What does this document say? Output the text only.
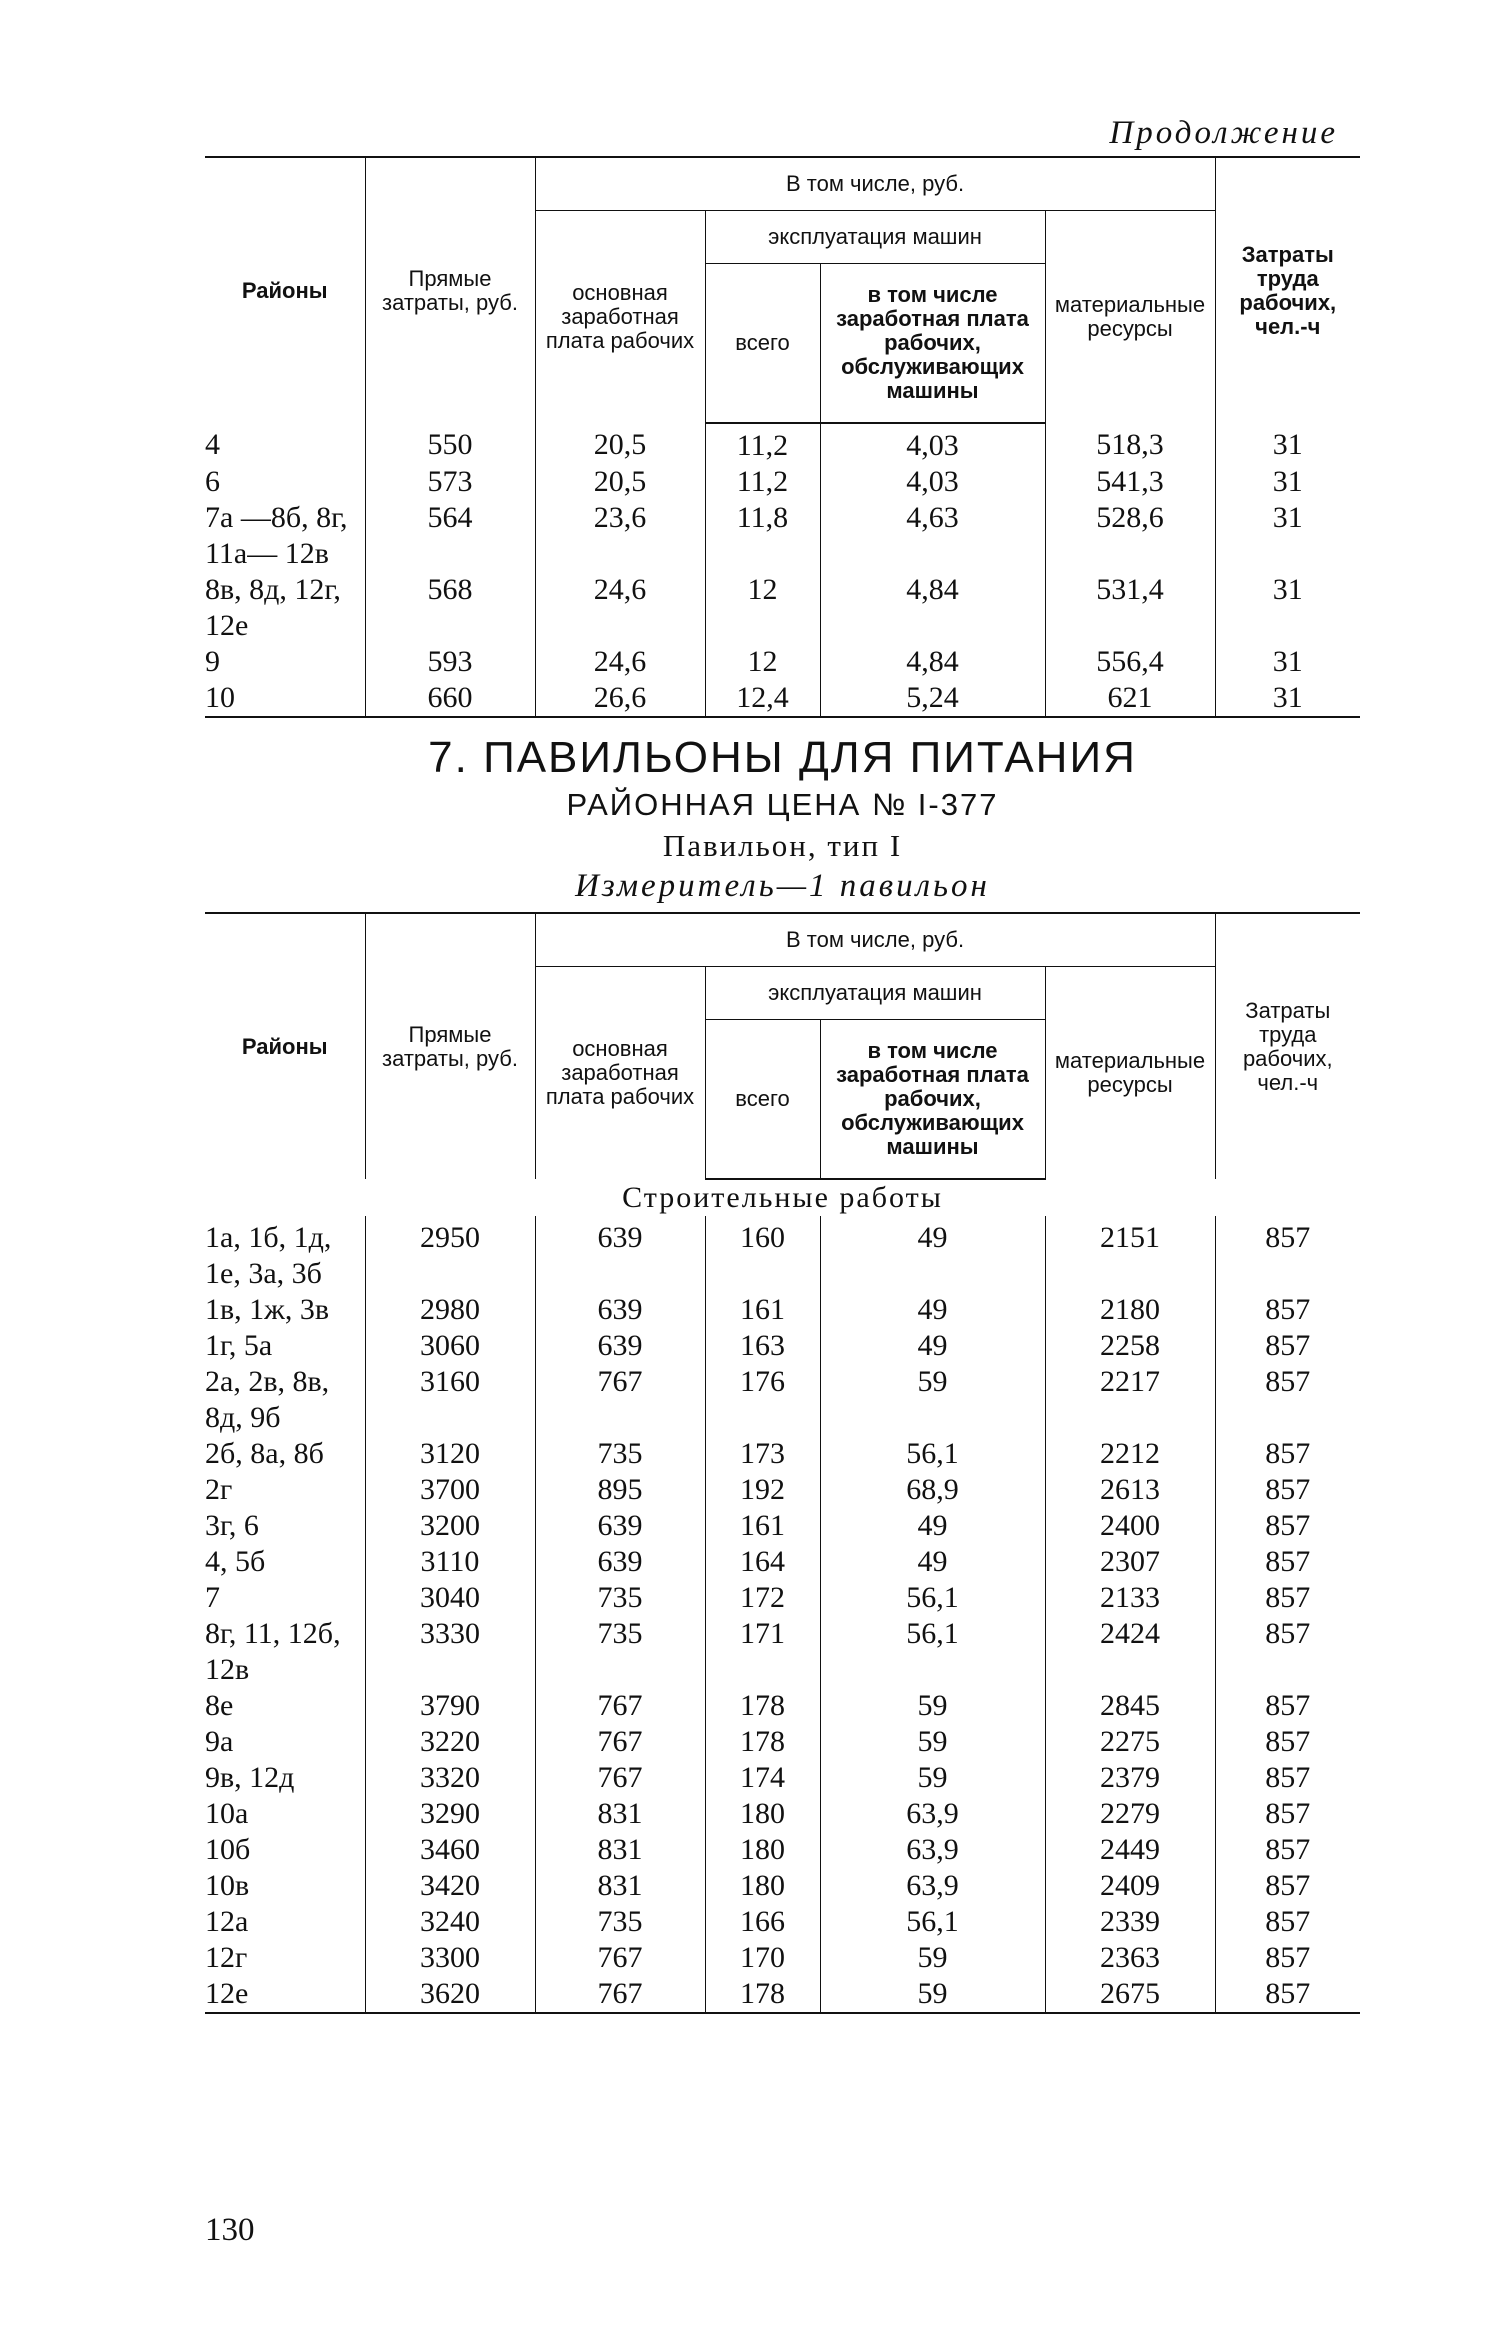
Продолжение
Районы	Прямые затраты, руб.	В том числе, руб.				Затраты труда рабочих, чел.-ч
		основная заработная плата рабочих	эксплуатация машин		материальные ресурсы	
			всего	в том числе заработная плата рабочих, обслуживающих машины		
4	550	20,5	11,2	4,03	518,3	31
6	573	20,5	11,2	4,03	541,3	31
7а —8б, 8г, 11а— 12в	564	23,6	11,8	4,63	528,6	31
8в, 8д, 12г, 12е	568	24,6	12	4,84	531,4	31
9	593	24,6	12	4,84	556,4	31
10	660	26,6	12,4	5,24	621	31
7. ПАВИЛЬОНЫ ДЛЯ ПИТАНИЯ
РАЙОННАЯ ЦЕНА № I-377
Павильон, тип I
Измеритель—1 павильон
Районы	Прямые затраты, руб.	В том числе, руб.				Затраты труда рабочих, чел.-ч
		основная заработная плата рабочих	эксплуатация машин		материальные ресурсы	
			всего	в том числе заработная плата рабочих, обслуживающих машины		
Строительные работы						
1а, 1б, 1д, 1е, 3а, 3б	2950	639	160	49	2151	857
1в, 1ж, 3в	2980	639	161	49	2180	857
1г, 5а	3060	639	163	49	2258	857
2а, 2в, 8в, 8д, 9б	3160	767	176	59	2217	857
2б, 8а, 8б	3120	735	173	56,1	2212	857
2г	3700	895	192	68,9	2613	857
3г, 6	3200	639	161	49	2400	857
4, 5б	3110	639	164	49	2307	857
7	3040	735	172	56,1	2133	857
8г, 11, 12б, 12в	3330	735	171	56,1	2424	857
8е	3790	767	178	59	2845	857
9а	3220	767	178	59	2275	857
9в, 12д	3320	767	174	59	2379	857
10а	3290	831	180	63,9	2279	857
10б	3460	831	180	63,9	2449	857
10в	3420	831	180	63,9	2409	857
12а	3240	735	166	56,1	2339	857
12г	3300	767	170	59	2363	857
12е	3620	767	178	59	2675	857
130
